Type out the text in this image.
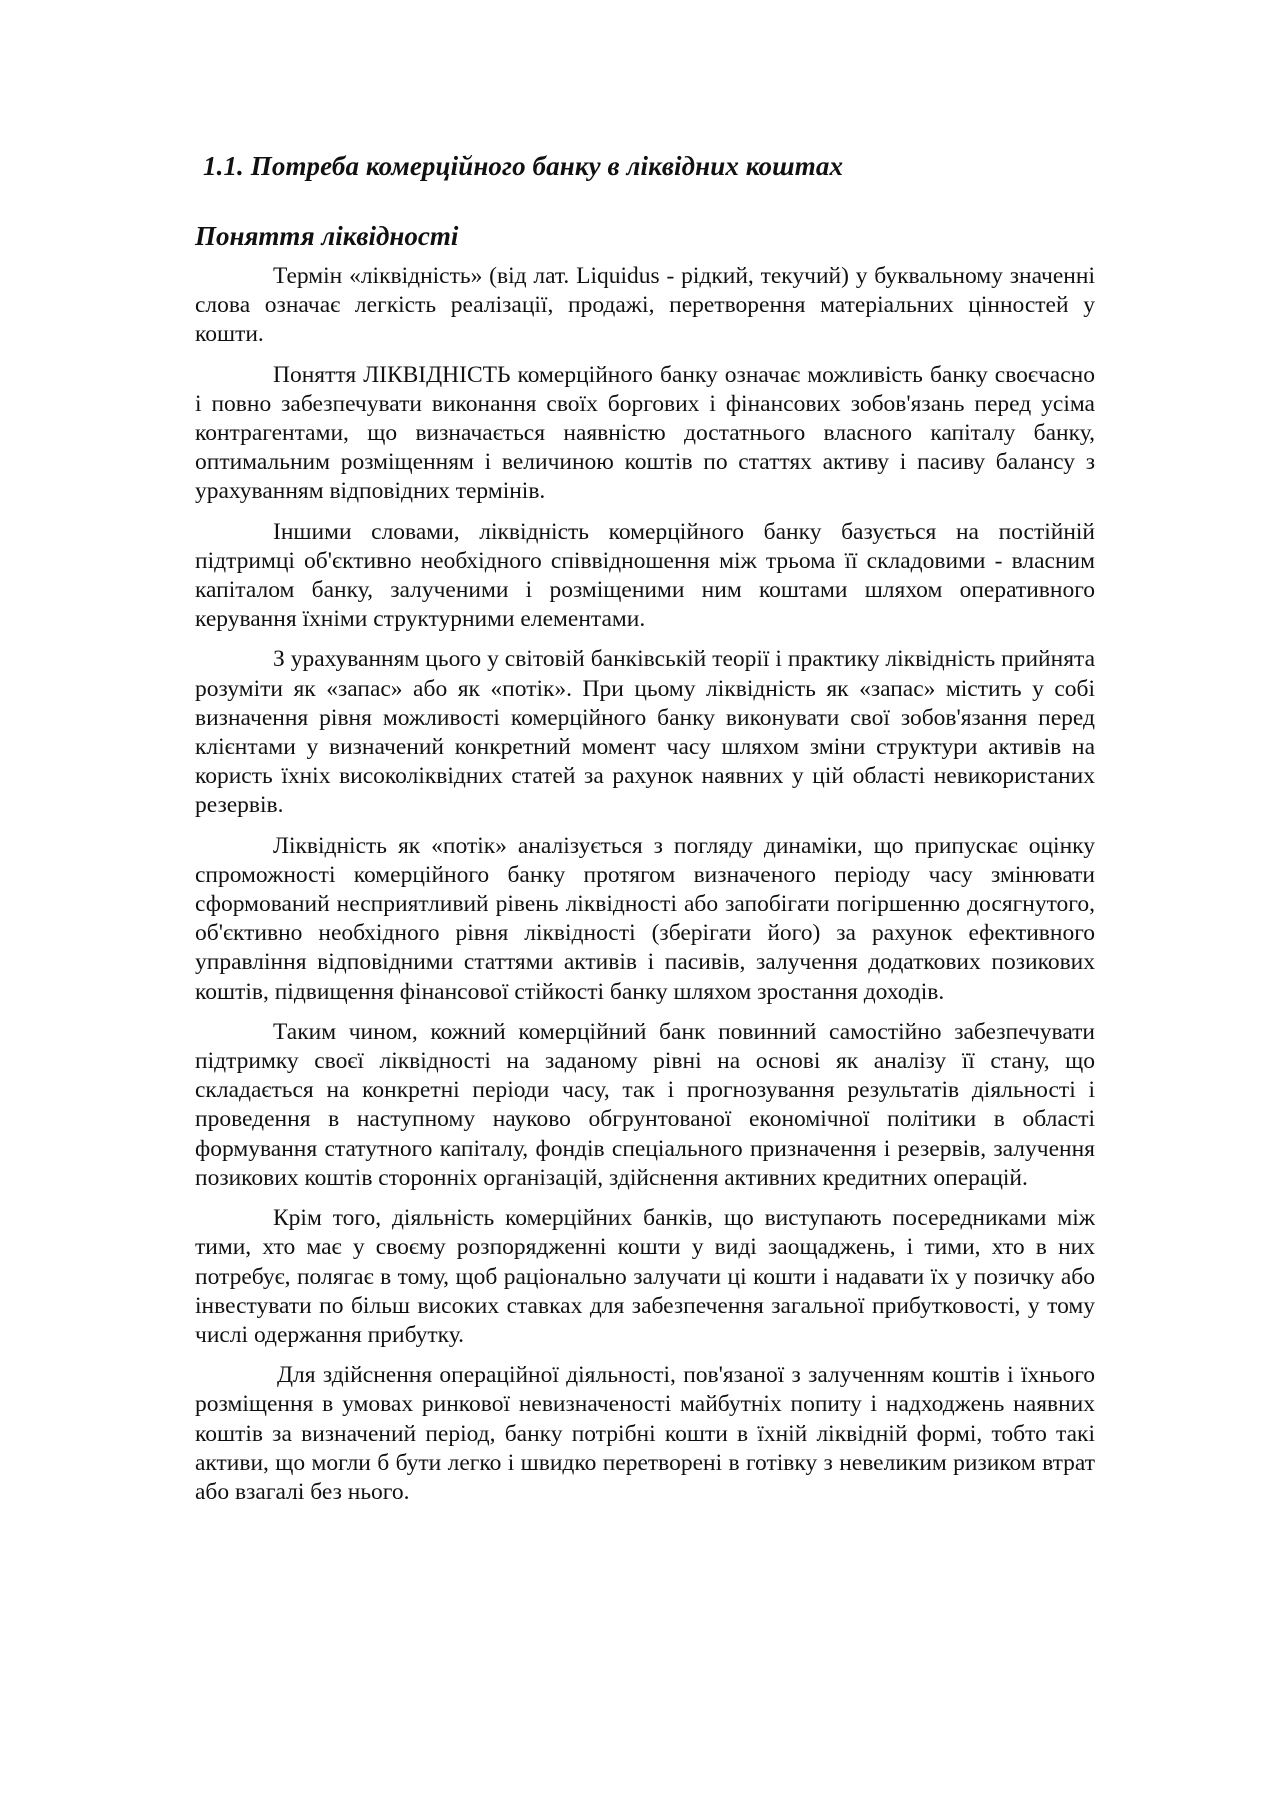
1.1. Потреба комерційного банку в ліквідних коштах
Поняття ліквідності

Термін «ліквідність» (від лат. Liquidus - рідкий, текучий) у буквальному значенні слова означає легкість реалізації, продажі, перетворення матеріальних цінностей у кошти.

Поняття ЛІКВІДНІСТЬ комерційного банку означає можливість банку своєчасно і повно забезпечувати виконання своїх боргових і фінансових зобов'язань перед усіма контрагентами, що визначається наявністю достатнього власного капіталу банку, оптимальним розміщенням і величиною коштів по статтях активу і пасиву балансу з урахуванням відповідних термінів.

Іншими словами, ліквідність комерційного банку базується на постійній підтримці об'єктивно необхідного співвідношення між трьома її складовими - власним капіталом банку, залученими і розміщеними ним коштами шляхом оперативного керування їхніми структурними елементами.

З урахуванням цього у світовій банківській теорії і практику ліквідність прийнята розуміти як «запас» або як «потік». При цьому ліквідність як «запас» містить у собі визначення рівня можливості комерційного банку виконувати свої зобов'язання перед клієнтами у визначений конкретний момент часу шляхом зміни структури активів на користь їхніх високоліквідних статей за рахунок наявних у цій області невикористаних резервів.

Ліквідність як «потік» аналізується з погляду динаміки, що припускає оцінку спроможності комерційного банку протягом визначеного періоду часу змінювати сформований несприятливий рівень ліквідності або запобігати погіршенню досягнутого, об'єктивно необхідного рівня ліквідності (зберігати його) за рахунок ефективного управління відповідними статтями активів і пасивів, залучення додаткових позикових коштів, підвищення фінансової стійкості банку шляхом зростання доходів.

Таким чином, кожний комерційний банк повинний самостійно забезпечувати підтримку своєї ліквідності на заданому рівні на основі як аналізу її стану, що складається на конкретні періоди часу, так і прогнозування результатів діяльності і проведення в наступному науково обгрунтованої економічної політики в області формування статутного капіталу, фондів спеціального призначення і резервів, залучення позикових коштів сторонніх організацій, здійснення активних кредитних операцій.

Крім того, діяльність комерційних банків, що виступають посередниками між тими, хто має у своєму розпорядженні кошти у виді заощаджень, і тими, хто в них потребує, полягає в тому, щоб раціонально залучати ці кошти і надавати їх у позичку або інвестувати по більш високих ставках для забезпечення загальної прибутковості, у тому числі одержання прибутку.

Для здійснення операційної діяльності, пов'язаної з залученням коштів і їхнього розміщення в умовах ринкової невизначеності майбутніх попиту і надходжень наявних коштів за визначений період, банку потрібні кошти в їхній ліквідній формі, тобто такі активи, що могли б бути легко і швидко перетворені в готівку з невеликим ризиком втрат або взагалі без нього.
